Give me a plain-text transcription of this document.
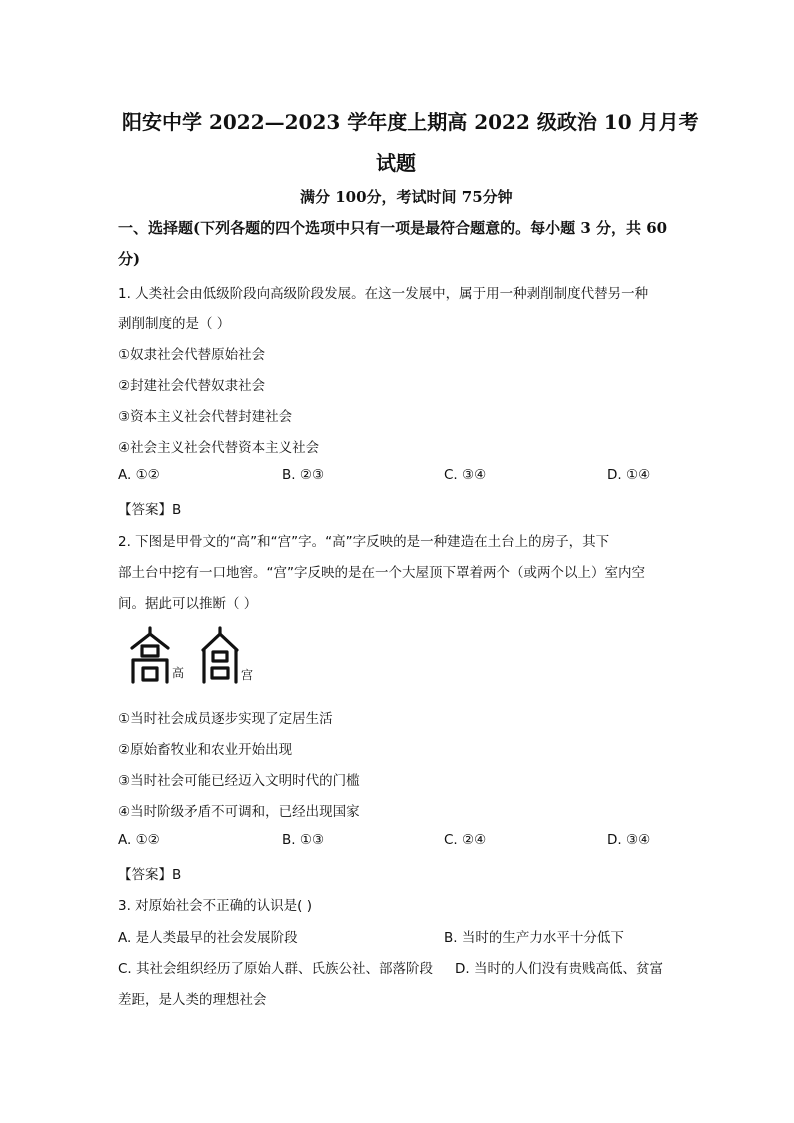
阳安中学 2022—2023 学年度上期高 2022 级政治 10 月月考
试题
满分 100分，考试时间 75分钟
一、选择题(下列各题的四个选项中只有一项是最符合题意的。每小题 3 分，共 60
分)
1. 人类社会由低级阶段向高级阶段发展。在这一发展中，属于用一种剥削制度代替另一种
剥削制度的是（ ）
①奴隶社会代替原始社会
②封建社会代替奴隶社会
③资本主义社会代替封建社会
④社会主义社会代替资本主义社会
A. ①②	B. ②③	C. ③④	D. ①④
【答案】B
2. 下图是甲骨文的“高”和“宫”字。“高”字反映的是一种建造在土台上的房子，其下
部土台中挖有一口地窖。“宫”字反映的是在一个大屋顶下罩着两个（或两个以上）室内空
间。据此可以推断（ ）
高	宫
①当时社会成员逐步实现了定居生活
②原始畜牧业和农业开始出现
③当时社会可能已经迈入文明时代的门槛
④当时阶级矛盾不可调和，已经出现国家
A. ①②	B. ①③	C. ②④	D. ③④
【答案】B
3. 对原始社会不正确的认识是( )
A. 是人类最早的社会发展阶段	B. 当时的生产力水平十分低下
C. 其社会组织经历了原始人群、氏族公社、部落阶段 D. 当时的人们没有贵贱高低、贫富
差距，是人类的理想社会
